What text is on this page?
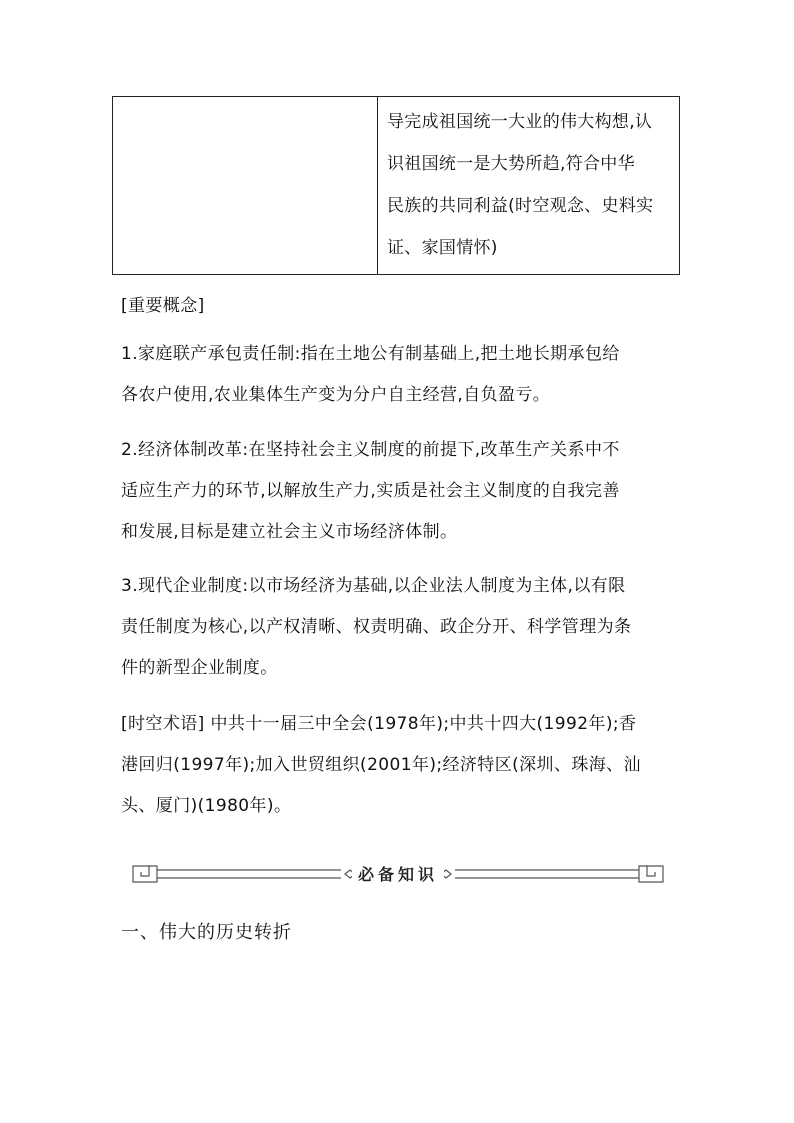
导完成祖国统一大业的伟大构想,认
识祖国统一是大势所趋,符合中华
民族的共同利益(时空观念、史料实
证、家国情怀)
[重要概念]
1.家庭联产承包责任制:指在土地公有制基础上,把土地长期承包给
各农户使用,农业集体生产变为分户自主经营,自负盈亏。
2.经济体制改革:在坚持社会主义制度的前提下,改革生产关系中不
适应生产力的环节,以解放生产力,实质是社会主义制度的自我完善
和发展,目标是建立社会主义市场经济体制。
3.现代企业制度:以市场经济为基础,以企业法人制度为主体,以有限
责任制度为核心,以产权清晰、权责明确、政企分开、科学管理为条
件的新型企业制度。
[时空术语] 中共十一届三中全会(1978年);中共十四大(1992年);香
港回归(1997年);加入世贸组织(2001年);经济特区(深圳、珠海、汕
头、厦门)(1980年)。
必备知识
一、伟大的历史转折
